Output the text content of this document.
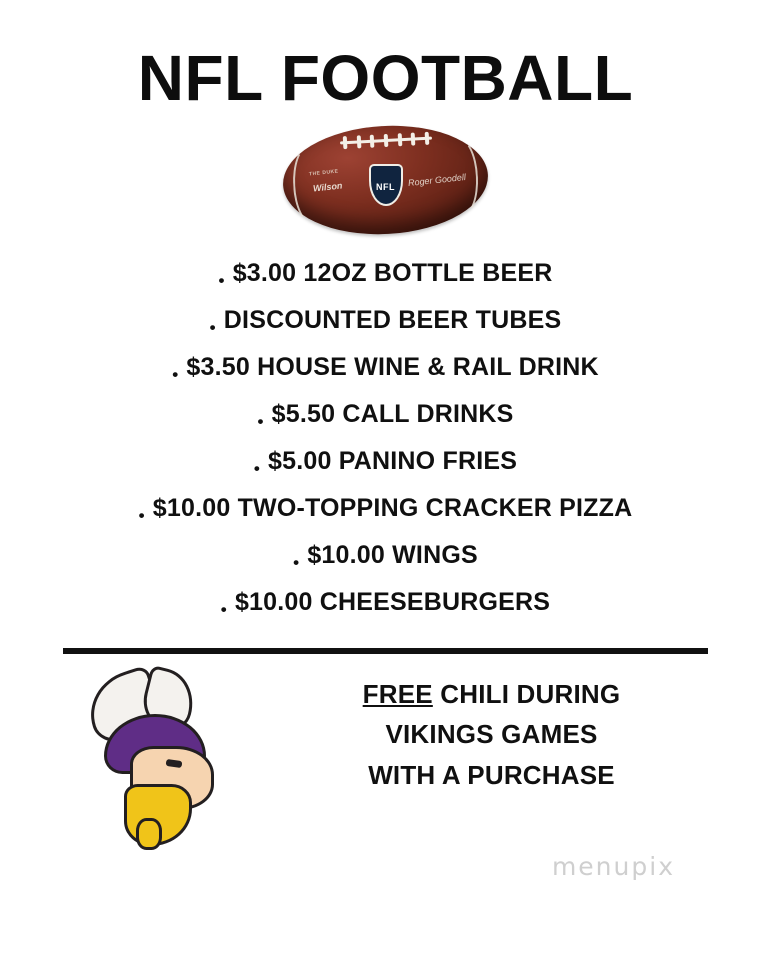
NFL FOOTBALL
THE DUKE
Wilson	Roger Goodell
NFL
• $3.00 12OZ BOTTLE BEER
• DISCOUNTED BEER TUBES
• $3.50 HOUSE WINE & RAIL DRINK
• $5.50 CALL DRINKS
• $5.00 PANINO FRIES
• $10.00 TWO-TOPPING CRACKER PIZZA
• $10.00 WINGS
• $10.00 CHEESEBURGERS
FREE CHILI DURING
VIKINGS GAMES
WITH A PURCHASE
menupix
